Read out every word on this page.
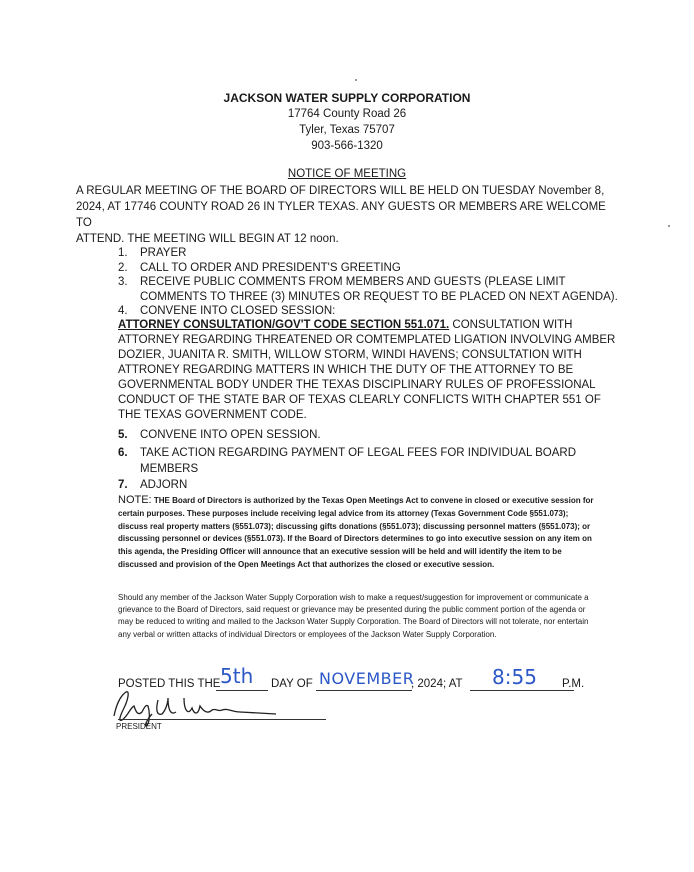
JACKSON WATER SUPPLY CORPORATION
17764 County Road 26
Tyler, Texas 75707
903-566-1320
NOTICE OF MEETING
A REGULAR MEETING OF THE BOARD OF DIRECTORS WILL BE HELD ON TUESDAY November 8,
2024, AT 17746 COUNTY ROAD 26 IN TYLER TEXAS. ANY GUESTS OR MEMBERS ARE WELCOME TO
ATTEND. THE MEETING WILL BEGIN AT 12 noon.
1. PRAYER
2. CALL TO ORDER AND PRESIDENT'S GREETING
3. RECEIVE PUBLIC COMMENTS FROM MEMBERS AND GUESTS (PLEASE LIMIT COMMENTS TO THREE (3) MINUTES OR REQUEST TO BE PLACED ON NEXT AGENDA).
4. CONVENE INTO CLOSED SESSION:
ATTORNEY CONSULTATION/GOV'T CODE SECTION 551.071. CONSULTATION WITH ATTORNEY REGARDING THREATENED OR COMTEMPLATED LIGATION INVOLVING AMBER DOZIER, JUANITA R. SMITH, WILLOW STORM, WINDI HAVENS; CONSULTATION WITH ATTRONEY REGARDING MATTERS IN WHICH THE DUTY OF THE ATTORNEY TO BE GOVERNMENTAL BODY UNDER THE TEXAS DISCIPLINARY RULES OF PROFESSIONAL CONDUCT OF THE STATE BAR OF TEXAS CLEARLY CONFLICTS WITH CHAPTER 551 OF THE TEXAS GOVERNMENT CODE.
5. CONVENE INTO OPEN SESSION.
6. TAKE ACTION REGARDING PAYMENT OF LEGAL FEES FOR INDIVIDUAL BOARD MEMBERS
7. ADJORN
NOTE: THE Board of Directors is authorized by the Texas Open Meetings Act to convene in closed or executive session for certain purposes. These purposes include receiving legal advice from its attorney (Texas Government Code §551.073); discuss real property matters (§551.073); discussing gifts donations (§551.073); discussing personnel matters (§551.073); or discussing personnel or devices (§551.073). If the Board of Directors determines to go into executive session on any item on this agenda, the Presiding Officer will announce that an executive session will be held and will identify the item to be discussed and provision of the Open Meetings Act that authorizes the closed or executive session.
Should any member of the Jackson Water Supply Corporation wish to make a request/suggestion for improvement or communicate a grievance to the Board of Directors, said request or grievance may be presented during the public comment portion of the agenda or may be reduced to writing and mailed to the Jackson Water Supply Corporation. The Board of Directors will not tolerate, nor entertain any verbal or written attacks of individual Directors or employees of the Jackson Water Supply Corporation.
POSTED THIS THE 5th DAY OF NOVEMBER
, 2024; AT 8:55 P.M.
PRESIDENT
